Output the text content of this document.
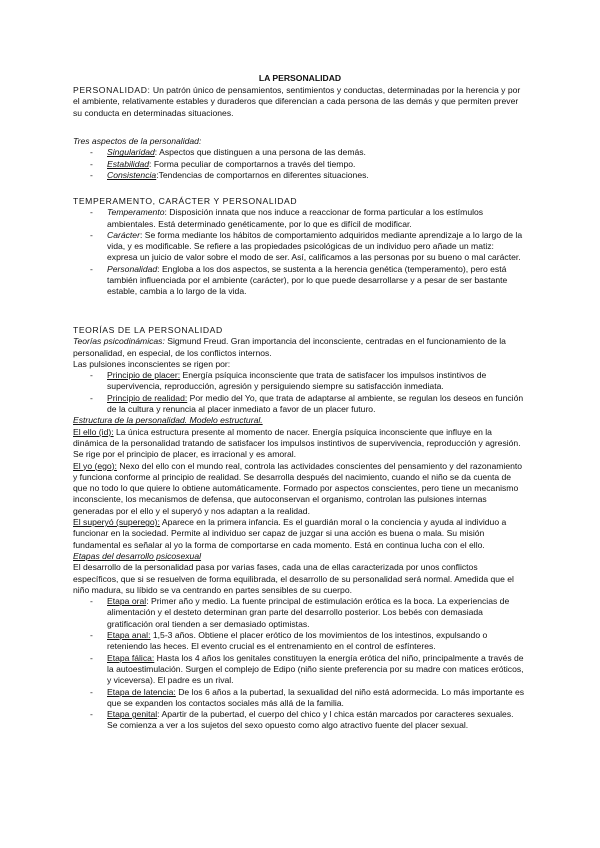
LA PERSONALIDAD

PERSONALIDAD: Un patrón único de pensamientos, sentimientos y conductas, determinadas por la herencia y por el ambiente, relativamente estables y duraderos que diferencian a cada persona de las demás y que permiten prever su conducta en determinadas situaciones.

Tres aspectos de la personalidad:

- Singularidad: Aspectos que distinguen a una persona de las demás.
- Estabilidad: Forma peculiar de comportarnos a través del tiempo.
- Consistencia:Tendencias de comportarnos en diferentes situaciones.

TEMPERAMENTO, CARÁCTER Y PERSONALIDAD

- Temperamento: Disposición innata que nos induce a reaccionar de forma particular a los estímulos ambientales. Está determinado genéticamente, por lo que es difícil de modificar.
- Carácter: Se forma mediante los hábitos de comportamiento adquiridos mediante aprendizaje a lo largo de la vida, y es modificable. Se refiere a las propiedades psicológicas de un individuo pero añade un matiz: expresa un juicio de valor sobre el modo de ser. Así, calificamos a las personas por su bueno o mal carácter.
- Personalidad: Engloba a los dos aspectos, se sustenta a la herencia genética (temperamento), pero está también influenciada por el ambiente (carácter), por lo que puede desarrollarse y a pesar de ser bastante estable, cambia a lo largo de la vida.

TEORÍAS DE LA PERSONALIDAD

Teorías psicodinámicas: Sigmund Freud. Gran importancia del inconsciente, centradas en el funcionamiento de la personalidad, en especial, de los conflictos internos.

Las pulsiones inconscientes se rigen por:

- Principio de placer: Energía psíquica inconsciente que trata de satisfacer los impulsos instintivos de supervivencia, reproducción, agresión y persiguiendo siempre su satisfacción inmediata.
- Principio de realidad: Por medio del Yo, que trata de adaptarse al ambiente, se regulan los deseos en función de la cultura y renuncia al placer inmediato a favor de un placer futuro.

Estructura de la personalidad. Modelo estructural.

El ello (id): La única estructura presente al momento de nacer. Energía psíquica inconsciente que influye en la dinámica de la personalidad tratando de satisfacer los impulsos instintivos de supervivencia, reproducción y agresión. Se rige por el principio de placer, es irracional y es amoral.

El yo (ego): Nexo del ello con el mundo real, controla las actividades conscientes del pensamiento y del razonamiento y funciona conforme al principio de realidad. Se desarrolla después del nacimiento, cuando el niño se da cuenta de que no todo lo que quiere lo obtiene automáticamente. Formado por aspectos conscientes, pero tiene un mecanismo inconsciente, los mecanismos de defensa, que autoconservan el organismo, controlan las pulsiones internas generadas por el ello y el superyó y nos adaptan a la realidad.

El superyó (superego): Aparece en la primera infancia. Es el guardián moral o la conciencia y ayuda al individuo a funcionar en la sociedad. Permite al individuo ser capaz de juzgar si una acción es buena o mala. Su misión fundamental es señalar al yo la forma de comportarse en cada momento. Está en continua lucha con el ello.

Etapas del desarrollo psicosexual

El desarrollo de la personalidad pasa por varias fases, cada una de ellas caracterizada por unos conflictos específicos, que si se resuelven de forma equilibrada, el desarrollo de su personalidad será normal. Amedida que el niño madura, su líbido se va centrando en partes sensibles de su cuerpo.

- Etapa oral: Primer año y medio. La fuente principal de estimulación erótica es la boca. La experiencias de alimentación y el desteto determinan gran parte del desarrollo posterior. Los bebés con demasiada gratificación oral tienden a ser demasiado optimistas.
- Etapa anal: 1,5-3 años. Obtiene el placer erótico de los movimientos de los intestinos, expulsando o reteniendo las heces. El evento crucial es el entrenamiento en el control de esfínteres.
- Etapa fálica: Hasta los 4 años los genitales constituyen la energía erótica del niño, principalmente a través de la autoestimulación. Surgen el complejo de Edipo (niño siente preferencia por su madre con matices eróticos, y viceversa). El padre es un rival.
- Etapa de latencia: De los 6 años a la pubertad, la sexualidad del niño está adormecida. Lo más importante es que se expanden los contactos sociales más allá de la familia.
- Etapa genital: Apartir de la pubertad, el cuerpo del chico y l chica están marcados por caracteres sexuales. Se comienza a ver a los sujetos del sexo opuesto como algo atractivo fuente del placer sexual.
